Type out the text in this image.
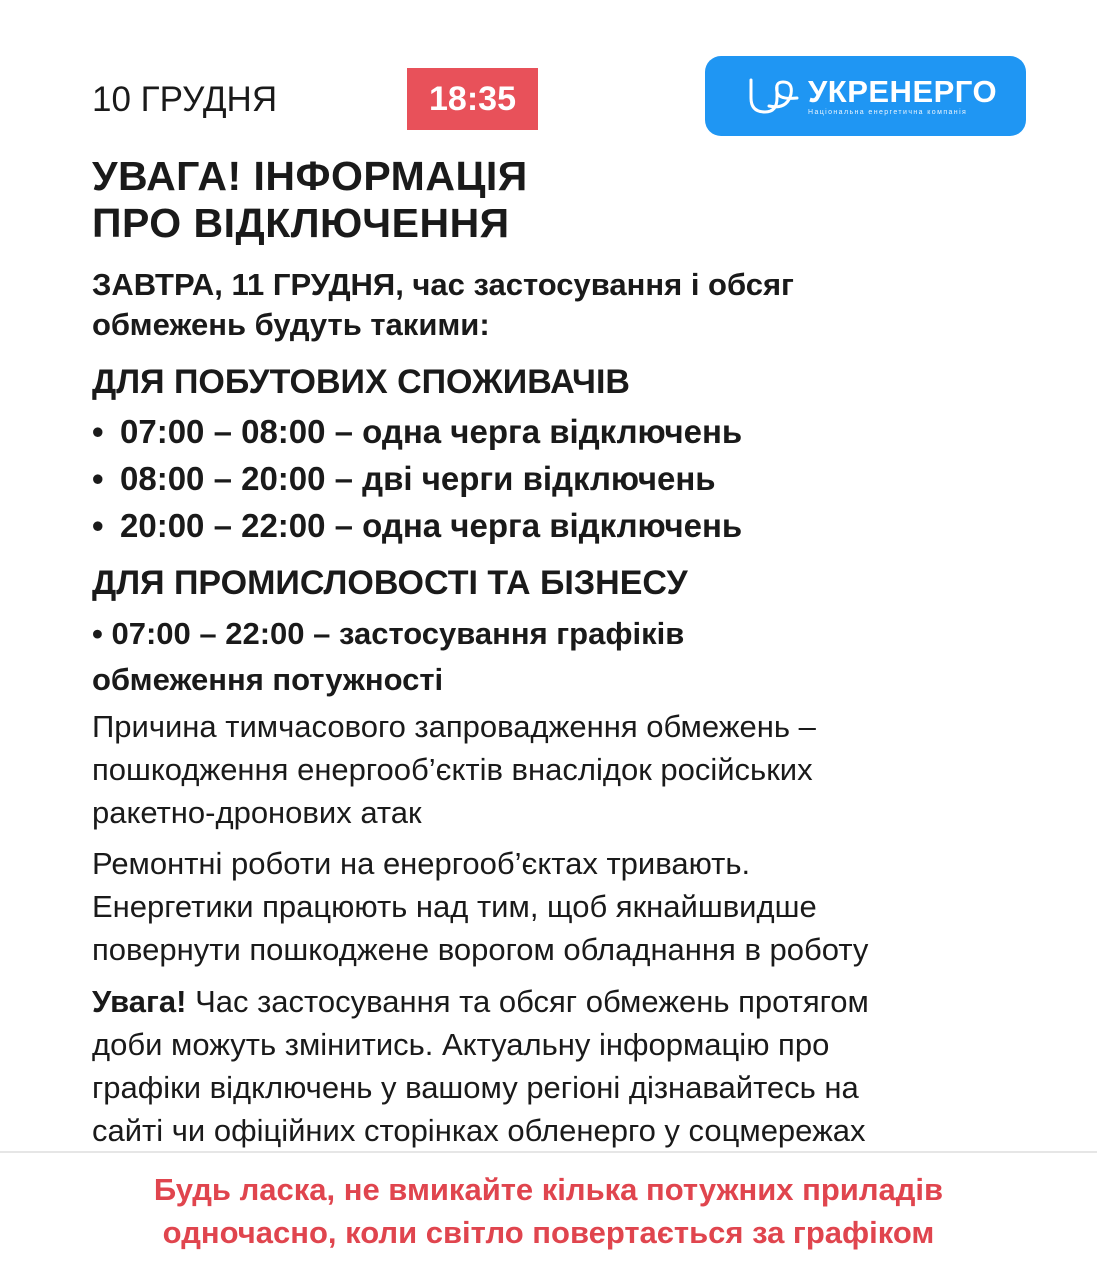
10 ГРУДНЯ	18:35	УКРЕНЕРГО
Національна енергетична компанія
УВАГА! ІНФОРМАЦІЯ
ПРО ВІДКЛЮЧЕННЯ
ЗАВТРА, 11 ГРУДНЯ, час застосування і обсяг
обмежень будуть такими:
ДЛЯ ПОБУТОВИХ СПОЖИВАЧІВ
• 07:00 – 08:00 – одна черга відключень
• 08:00 – 20:00 – дві черги відключень
• 20:00 – 22:00 – одна черга відключень
ДЛЯ ПРОМИСЛОВОСТІ ТА БІЗНЕСУ
• 07:00 – 22:00 – застосування графіків
обмеження потужності
Причина тимчасового запровадження обмежень –
пошкодження енергооб’єктів внаслідок російських
ракетно-дронових атак
Ремонтні роботи на енергооб’єктах тривають.
Енергетики працюють над тим, щоб якнайшвидше
повернути пошкоджене ворогом обладнання в роботу
Увага! Час застосування та обсяг обмежень протягом
доби можуть змінитись. Актуальну інформацію про
графіки відключень у вашому регіоні дізнавайтесь на
сайті чи офіційних сторінках обленерго у соцмережах
Будь ласка, не вмикайте кілька потужних приладів
одночасно, коли світло повертається за графіком
